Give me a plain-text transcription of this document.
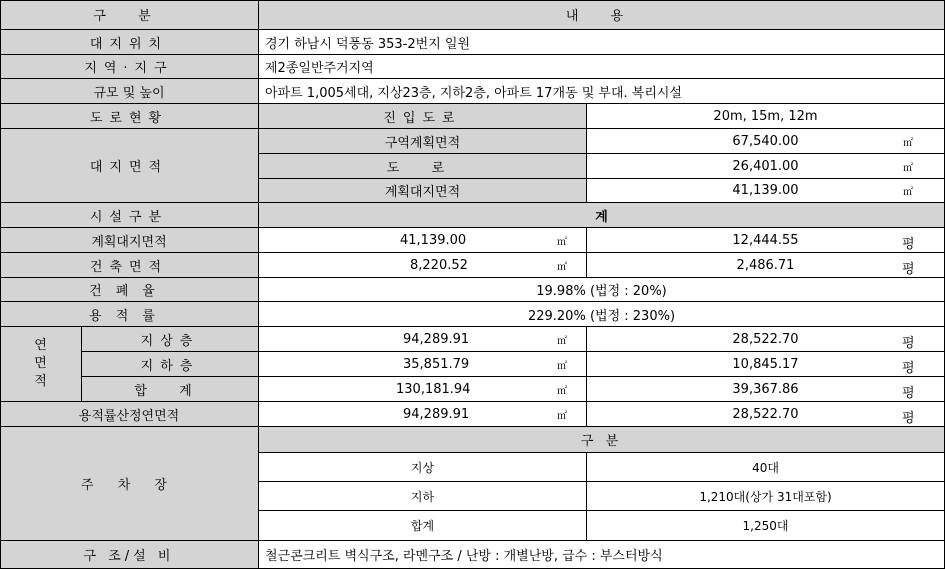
구 분	내 용
대지위치	경기 하남시 덕풍동 353-2번지 일원
지역·지구	제2종일반주거지역
규모 및 높이	아파트 1,005세대, 지상23층, 지하2층, 아파트 17개동 및 부대. 복리시설
도로현황	진입도로	20m, 15m, 12m
대지면적
구역계획면적	67,540.00	㎡
도 로	26,401.00	㎡
계획대지면적	41,139.00	㎡
시설구분	계
계획대지면적	41,139.00	㎡	12,444.55	평
건축면적	8,220.52	㎡	2,486.71	평
건폐율	19.98% (법정 : 20%)
용적률	229.20% (법정 : 230%)
연
면
적
지상층	94,289.91	㎡	28,522.70	평
지하층	35,851.79	㎡	10,845.17	평
합 계	130,181.94	㎡	39,367.86	평
용적률산정연면적	94,289.91	㎡	28,522.70	평
주 차 장
구 분
지상	40대
지하	1,210대(상가 31대포함)
합계	1,250대
구 조/설 비	철근콘크리트 벽식구조, 라멘구조 / 난방 : 개별난방, 급수 : 부스터방식
